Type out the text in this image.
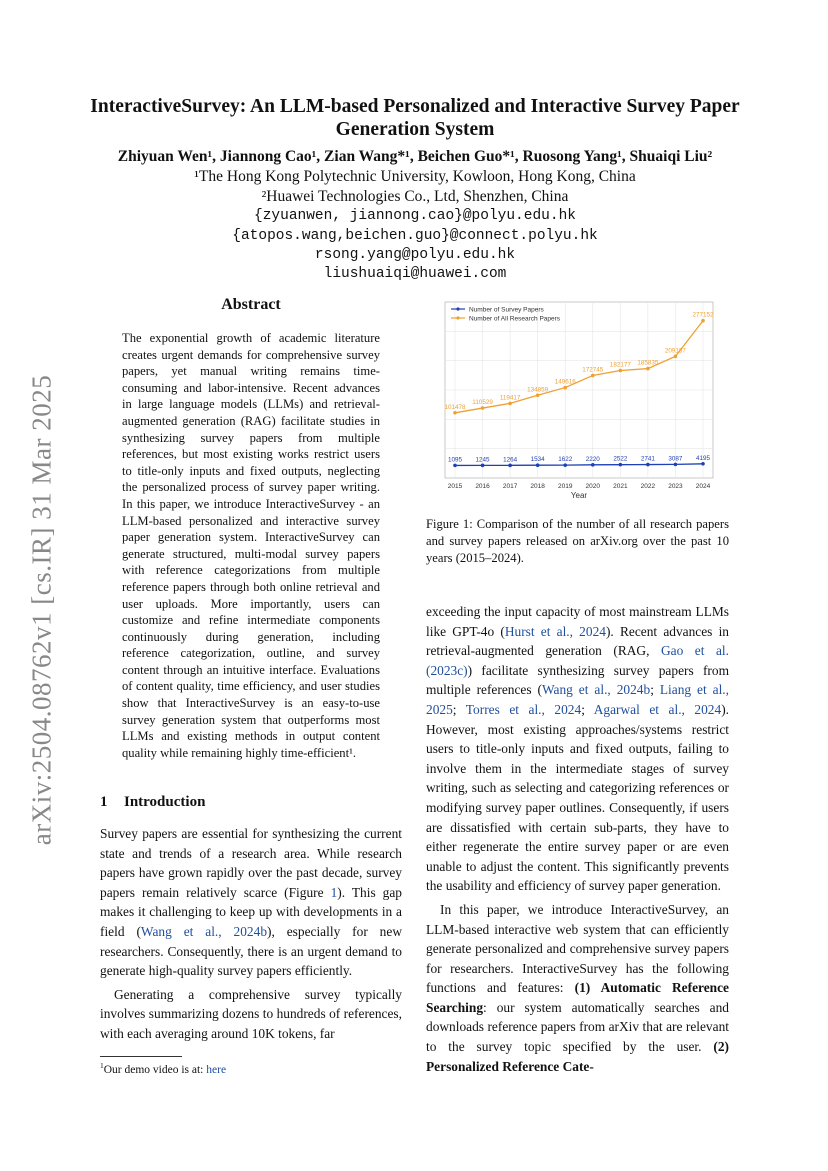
arXiv:2504.08762v1 [cs.IR] 31 Mar 2025
InteractiveSurvey: An LLM-based Personalized and Interactive Survey Paper Generation System
Zhiyuan Wen¹, Jiannong Cao¹, Zian Wang*¹, Beichen Guo*¹, Ruosong Yang¹, Shuaiqi Liu²
¹The Hong Kong Polytechnic University, Kowloon, Hong Kong, China
²Huawei Technologies Co., Ltd, Shenzhen, China
{zyuanwen, jiannong.cao}@polyu.edu.hk
{atopos.wang,beichen.guo}@connect.polyu.hk
rsong.yang@polyu.edu.hk
liushuaiqi@huawei.com
Abstract
The exponential growth of academic literature creates urgent demands for comprehensive survey papers, yet manual writing remains time-consuming and labor-intensive. Recent advances in large language models (LLMs) and retrieval-augmented generation (RAG) facilitate studies in synthesizing survey papers from multiple references, but most existing works restrict users to title-only inputs and fixed outputs, neglecting the personalized process of survey paper writing. In this paper, we introduce InteractiveSurvey - an LLM-based personalized and interactive survey paper generation system. InteractiveSurvey can generate structured, multi-modal survey papers with reference categorizations from multiple reference papers through both online retrieval and user uploads. More importantly, users can customize and refine intermediate components continuously during generation, including reference categorization, outline, and survey content through an intuitive interface. Evaluations of content quality, time efficiency, and user studies show that InteractiveSurvey is an easy-to-use survey generation system that outperforms most LLMs and existing methods in output content quality while remaining highly time-efficient¹.
1 Introduction

Survey papers are essential for synthesizing the current state and trends of a research area. While research papers have grown rapidly over the past decade, survey papers remain relatively scarce (Figure 1). This gap makes it challenging to keep up with developments in a field (Wang et al., 2024b), especially for new researchers. Consequently, there is an urgent demand to generate high-quality survey papers efficiently.

Generating a comprehensive survey typically involves summarizing dozens to hundreds of references, with each averaging around 10K tokens, far

$^1$Our demo video is at: here
2015 2016 2017 2018 2019 2020 2021 2022 2023 2024
Year
1095 1245 1264 1534 1622 2220 2522 2741 3087 4195
101478
110529
119417
134859
149616
172745
182177 185835
209187
277152
Number of Survey Papers
Number of All Research Papers
Figure 1: Comparison of the number of all research papers and survey papers released on arXiv.org over the past 10 years (2015–2024).

exceeding the input capacity of most mainstream LLMs like GPT-4o (Hurst et al., 2024). Recent advances in retrieval-augmented generation (RAG, Gao et al. (2023c)) facilitate synthesizing survey papers from multiple references (Wang et al., 2024b; Liang et al., 2025; Torres et al., 2024; Agarwal et al., 2024). However, most existing approaches/systems restrict users to title-only inputs and fixed outputs, failing to involve them in the intermediate stages of survey writing, such as selecting and categorizing references or modifying survey paper outlines. Consequently, if users are dissatisfied with certain sub-parts, they have to either regenerate the entire survey paper or are even unable to adjust the content. This significantly prevents the usability and efficiency of survey paper generation.

In this paper, we introduce InteractiveSurvey, an LLM-based interactive web system that can efficiently generate personalized and comprehensive survey papers for researchers. InteractiveSurvey has the following functions and features: (1) Automatic Reference Searching: our system automatically searches and downloads reference papers from arXiv that are relevant to the survey topic specified by the user. (2) Personalized Reference Cate-
